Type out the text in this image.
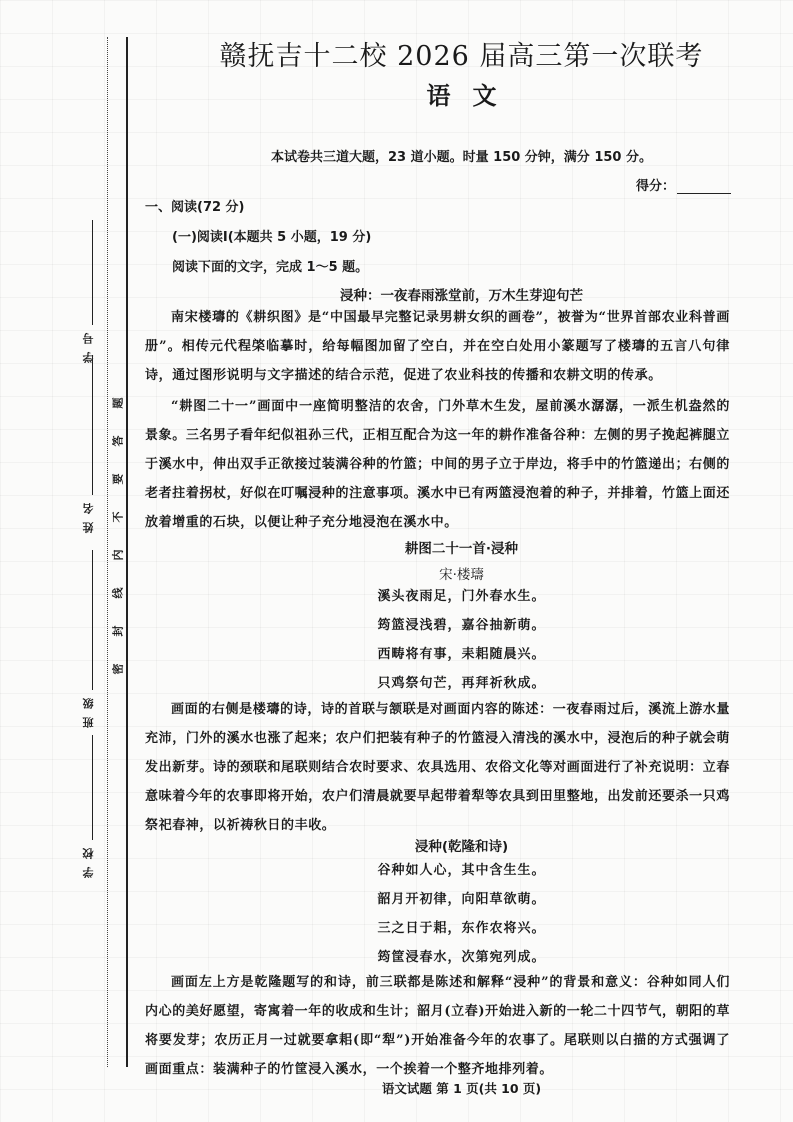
学号
姓名
班级
学校
题
答
要
不
内
线
封
密
赣抚吉十二校 2026 届高三第一次联考
语文
本试卷共三道大题，23 道小题。时量 150 分钟，满分 150 分。
得分：
一、阅读(72 分)
(一)阅读Ⅰ(本题共 5 小题，19 分)
阅读下面的文字，完成 1～5 题。
浸种：一夜春雨涨堂前，万木生芽迎句芒
南宋楼璹的《耕织图》是“中国最早完整记录男耕女织的画卷”，被誉为“世界首部农业科普画册”。相传元代程棨临摹时，给每幅图加留了空白，并在空白处用小篆题写了楼璹的五言八句律诗，通过图形说明与文字描述的结合示范，促进了农业科技的传播和农耕文明的传承。
“耕图二十一”画面中一座简明整洁的农舍，门外草木生发，屋前溪水潺潺，一派生机盎然的景象。三名男子看年纪似祖孙三代，正相互配合为这一年的耕作准备谷种：左侧的男子挽起裤腿立于溪水中，伸出双手正欲接过装满谷种的竹篮；中间的男子立于岸边，将手中的竹篮递出；右侧的老者拄着拐杖，好似在叮嘱浸种的注意事项。溪水中已有两篮浸泡着的种子，并排着，竹篮上面还放着增重的石块，以便让种子充分地浸泡在溪水中。
耕图二十一首·浸种
宋·楼璹
溪头夜雨足，门外春水生。
筠篮浸浅碧，嘉谷抽新萌。
西畴将有事，耒耜随晨兴。
只鸡祭句芒，再拜祈秋成。
画面的右侧是楼璹的诗，诗的首联与颔联是对画面内容的陈述：一夜春雨过后，溪流上游水量充沛，门外的溪水也涨了起来；农户们把装有种子的竹篮浸入清浅的溪水中，浸泡后的种子就会萌发出新芽。诗的颈联和尾联则结合农时要求、农具选用、农俗文化等对画面进行了补充说明：立春意味着今年的农事即将开始，农户们清晨就要早起带着犁等农具到田里整地，出发前还要杀一只鸡祭祀春神，以祈祷秋日的丰收。
浸种(乾隆和诗)
谷种如人心，其中含生生。
韶月开初律，向阳草欲萌。
三之日于耜，东作农将兴。
筠筐浸春水，次第宛列成。
画面左上方是乾隆题写的和诗，前三联都是陈述和解释“浸种”的背景和意义：谷种如同人们内心的美好愿望，寄寓着一年的收成和生计；韶月(立春)开始进入新的一轮二十四节气，朝阳的草将要发芽；农历正月一过就要拿耜(即“犁”)开始准备今年的农事了。尾联则以白描的方式强调了画面重点：装满种子的竹筐浸入溪水，一个挨着一个整齐地排列着。
语文试题 第 1 页(共 10 页)
